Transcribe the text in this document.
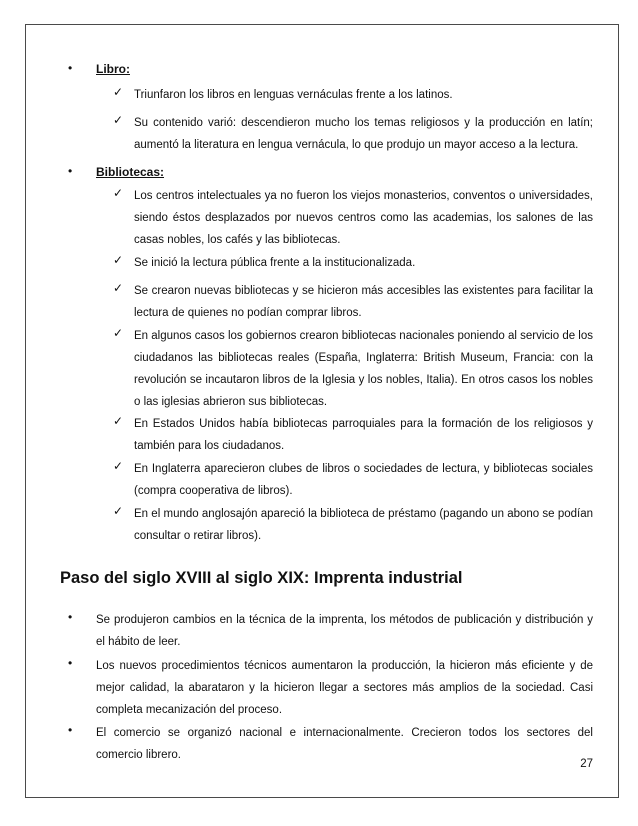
• Libro:
✓ Triunfaron los libros en lenguas vernáculas frente a los latinos.
✓ Su contenido varió: descendieron mucho los temas religiosos y la producción en latín; aumentó la literatura en lengua vernácula, lo que produjo un mayor acceso a la lectura.
• Bibliotecas:
✓ Los centros intelectuales ya no fueron los viejos monasterios, conventos o universidades, siendo éstos desplazados por nuevos centros como las academias, los salones de las casas nobles, los cafés y las bibliotecas.
✓ Se inició la lectura pública frente a la institucionalizada.
✓ Se crearon nuevas bibliotecas y se hicieron más accesibles las existentes para facilitar la lectura de quienes no podían comprar libros.
✓ En algunos casos los gobiernos crearon bibliotecas nacionales poniendo al servicio de los ciudadanos las bibliotecas reales (España, Inglaterra: British Museum, Francia: con la revolución se incautaron libros de la Iglesia y los nobles, Italia). En otros casos los nobles o las iglesias abrieron sus bibliotecas.
✓ En Estados Unidos había bibliotecas parroquiales para la formación de los religiosos y también para los ciudadanos.
✓ En Inglaterra aparecieron clubes de libros o sociedades de lectura, y bibliotecas sociales (compra cooperativa de libros).
✓ En el mundo anglosajón apareció la biblioteca de préstamo (pagando un abono se podían consultar o retirar libros).
Paso del siglo XVIII al siglo XIX: Imprenta industrial
• Se produjeron cambios en la técnica de la imprenta, los métodos de publicación y distribución y el hábito de leer.
• Los nuevos procedimientos técnicos aumentaron la producción, la hicieron más eficiente y de mejor calidad, la abarataron y la hicieron llegar a sectores más amplios de la sociedad. Casi completa mecanización del proceso.
• El comercio se organizó nacional e internacionalmente. Crecieron todos los sectores del comercio librero.
27
